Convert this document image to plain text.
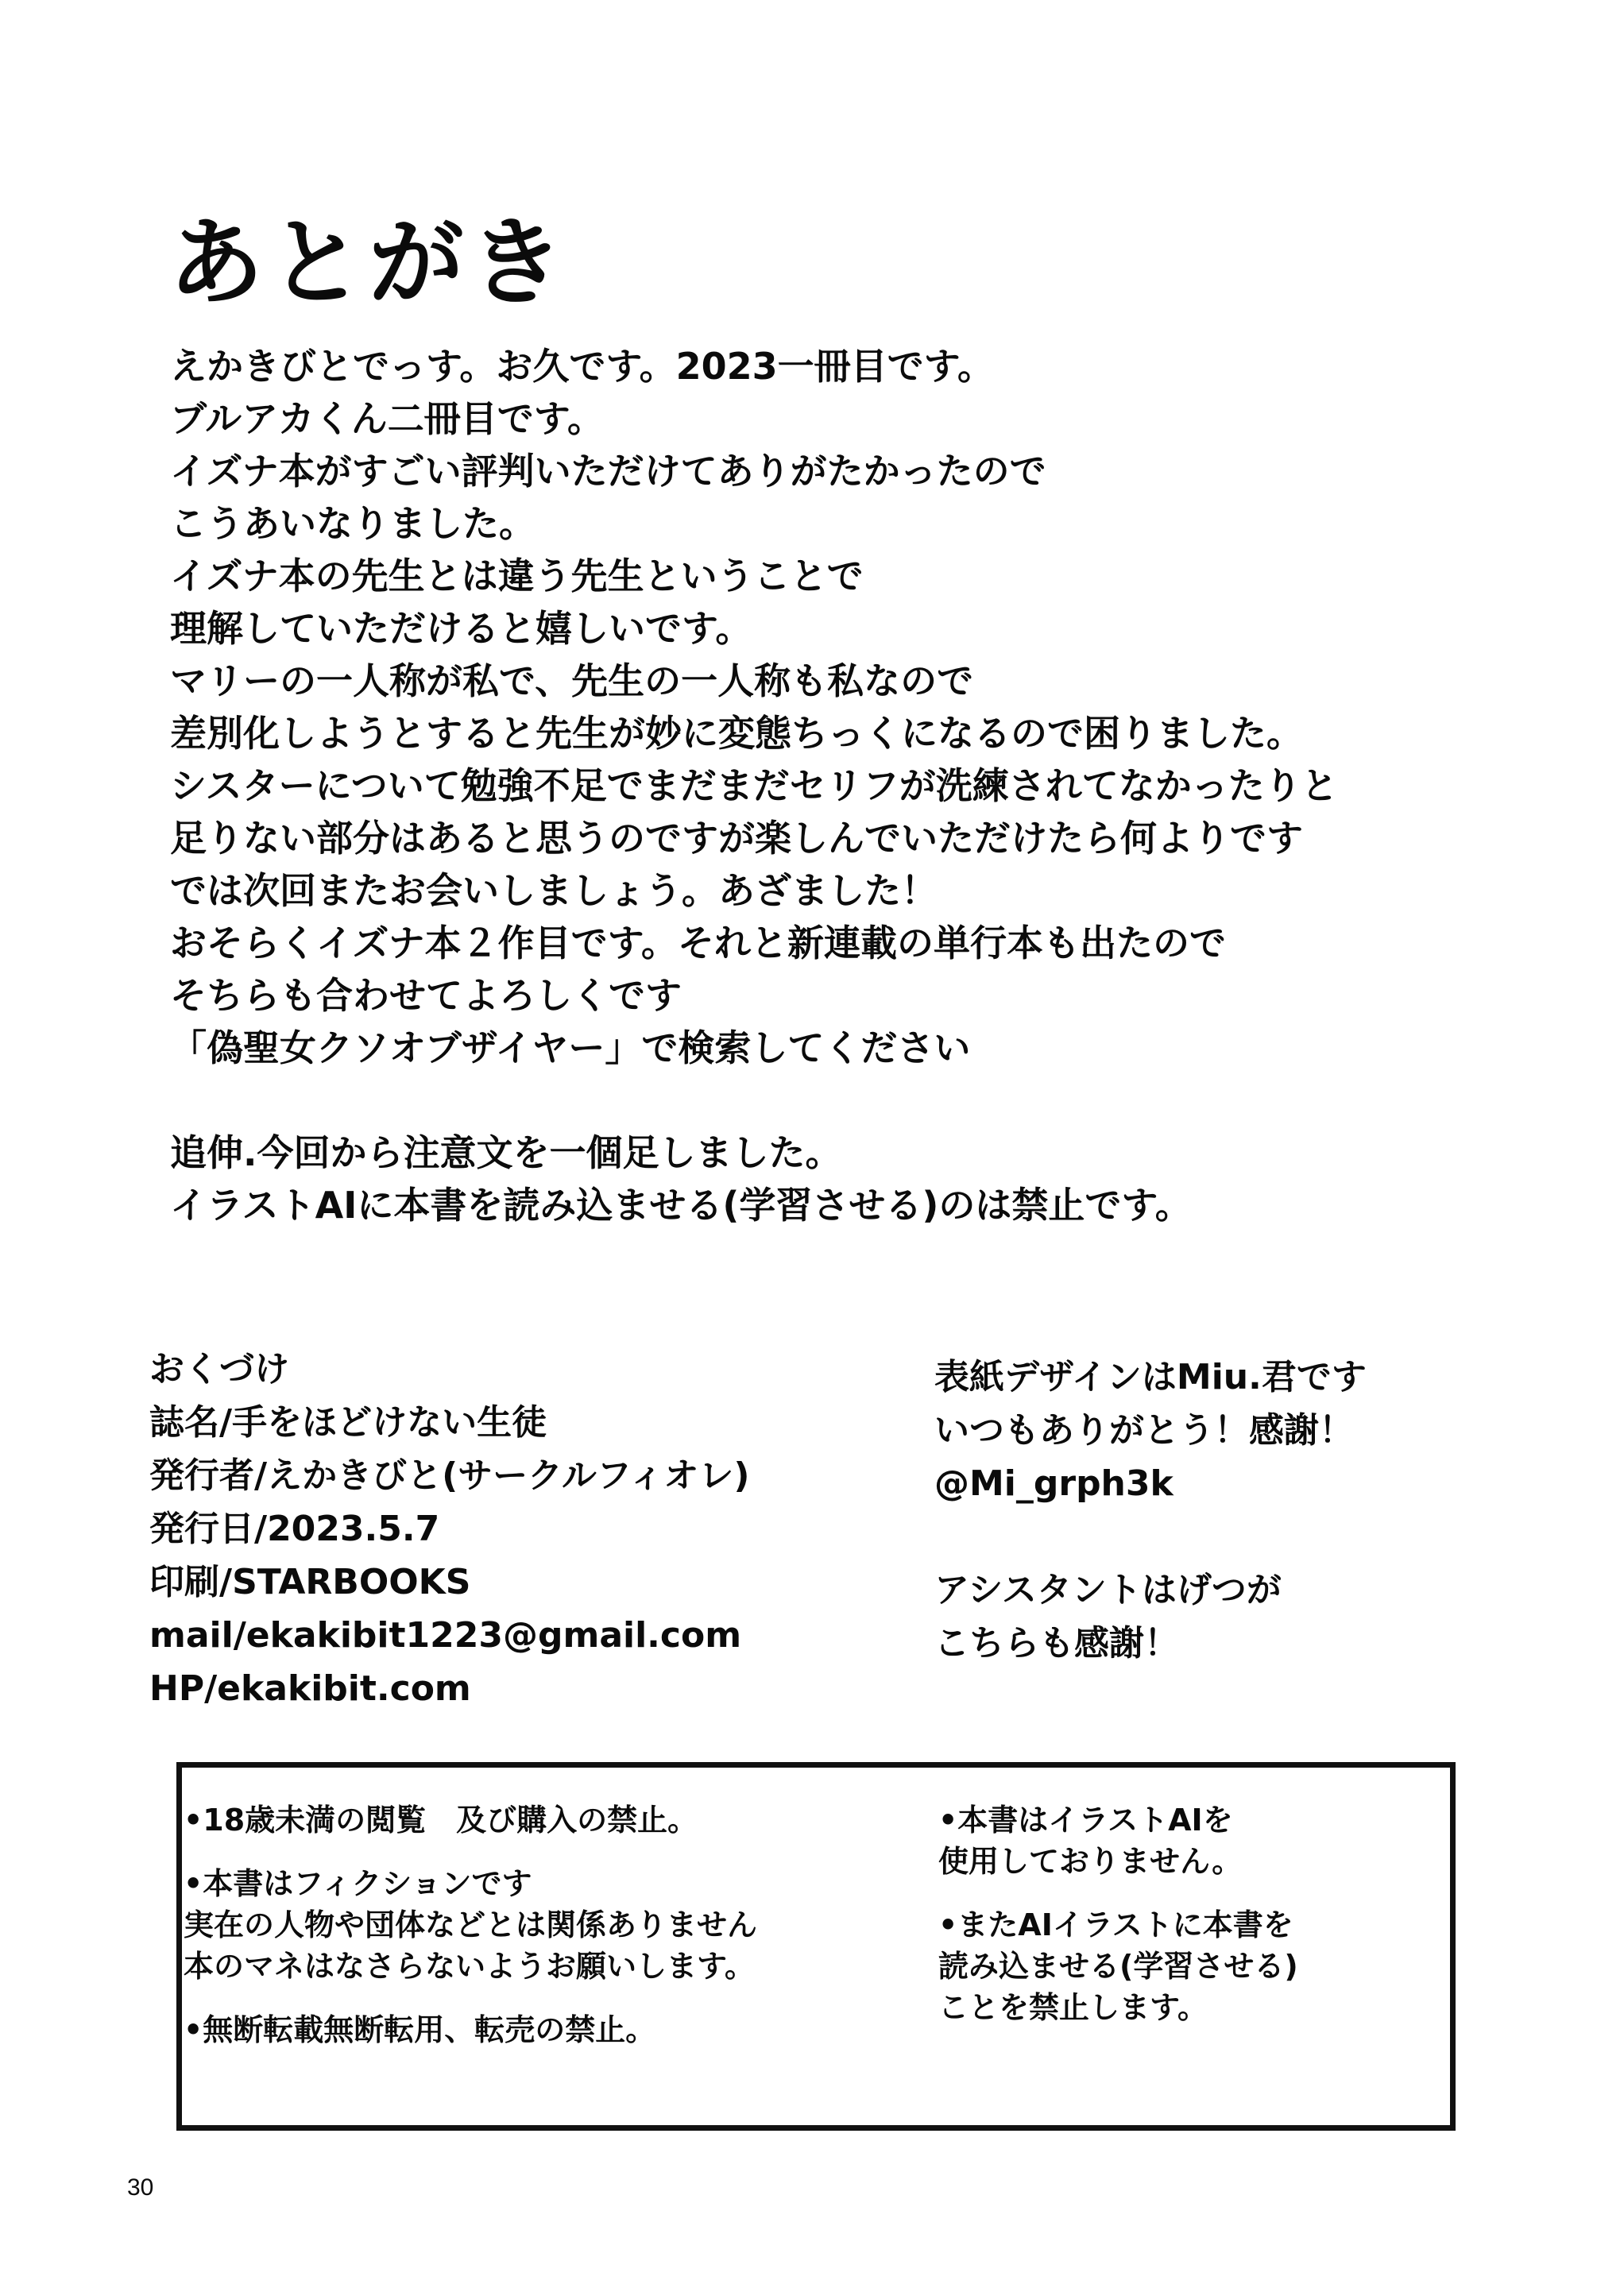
あとがき
えかきびとでっす。お久です。2023一冊目です。
ブルアカくん二冊目です。
イズナ本がすごい評判いただけてありがたかったので
こうあいなりました。
イズナ本の先生とは違う先生ということで
理解していただけると嬉しいです。
マリーの一人称が私で、先生の一人称も私なので
差別化しようとすると先生が妙に変態ちっくになるので困りました。
シスターについて勉強不足でまだまだセリフが洗練されてなかったりと
足りない部分はあると思うのですが楽しんでいただけたら何よりです
では次回またお会いしましょう。あざました！
おそらくイズナ本２作目です。それと新連載の単行本も出たので
そちらも合わせてよろしくです
「偽聖女クソオブザイヤー」で検索してください
追伸.今回から注意文を一個足しました。
イラストAIに本書を読み込ませる(学習させる)のは禁止です。
おくづけ
誌名/手をほどけない生徒
発行者/えかきびと(サークルフィオレ)
発行日/2023.5.7
印刷/STARBOOKS
mail/ekakibit1223@gmail.com
HP/ekakibit.com
表紙デザインはMiu.君です
いつもありがとう！感謝！
@Mi_grph3k
アシスタントはげつが
こちらも感謝！
•18歳未満の閲覧　及び購入の禁止。
•本書はフィクションです
実在の人物や団体などとは関係ありません
本のマネはなさらないようお願いします。
•無断転載無断転用、転売の禁止。
•本書はイラストAIを
使用しておりません。
•またAIイラストに本書を
読み込ませる(学習させる)
ことを禁止します。
30
